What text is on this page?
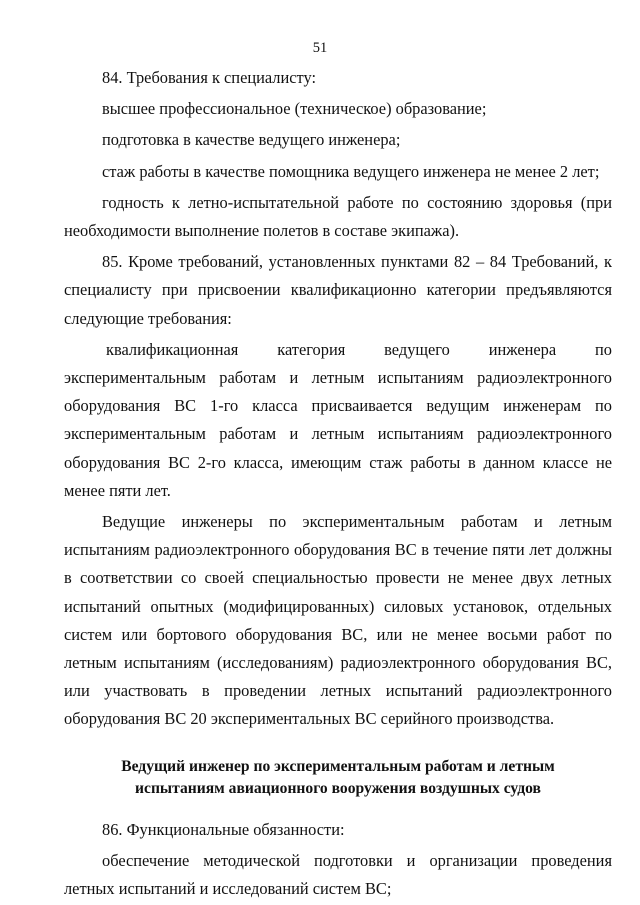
51

84. Требования к специалисту:

высшее профессиональное (техническое) образование;

подготовка в качестве ведущего инженера;

стаж работы в качестве помощника ведущего инженера не менее 2 лет;

годность к летно-испытательной работе по состоянию здоровья (при необходимости выполнение полетов в составе экипажа).

85. Кроме требований, установленных пунктами 82 – 84 Требований, к специалисту при присвоении квалификационно категории предъявляются следующие требования:

квалификационная категория ведущего инженера по экспериментальным работам и летным испытаниям радиоэлектронного оборудования ВС 1-го класса присваивается ведущим инженерам по экспериментальным работам и летным испытаниям радиоэлектронного оборудования ВС 2-го класса, имеющим стаж работы в данном классе не менее пяти лет.

Ведущие инженеры по экспериментальным работам и летным испытаниям радиоэлектронного оборудования ВС в течение пяти лет должны в соответствии со своей специальностью провести не менее двух летных испытаний опытных (модифицированных) силовых установок, отдельных систем или бортового оборудования ВС, или не менее восьми работ по летным испытаниям (исследованиям) радиоэлектронного оборудования ВС, или участвовать в проведении летных испытаний радиоэлектронного оборудования ВС 20 экспериментальных ВС серийного производства.

Ведущий инженер по экспериментальным работам и летным
испытаниям авиационного вооружения воздушных судов

86. Функциональные обязанности:

обеспечение методической подготовки и организации проведения летных испытаний и исследований систем ВС;
